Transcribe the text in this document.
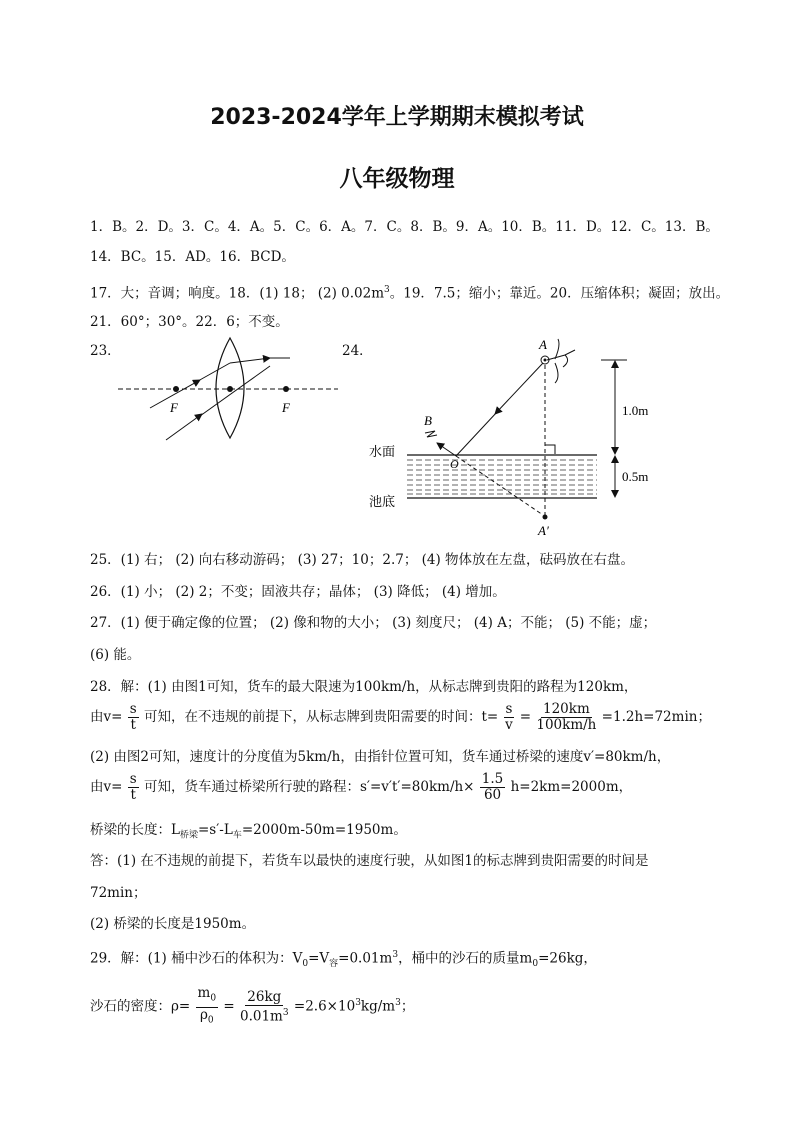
2023-2024学年上学期期末模拟考试
八年级物理
1．B。2．D。3．C。4．A。5．C。6．A。7．C。8．B。9．A。10．B。11．D。12．C。13．B。
14．BC。15．AD。16．BCD。
17．大；音调；响度。18．(1) 18； (2) $0.02m^3$。19．7.5；缩小；靠近。20．压缩体积；凝固；放出。
21．60°；30°。22．6；不变。
23．	24．
F	F
A
B
A′
O
水面
池底
1.0m
0.5m
25．(1) 右； (2) 向右移动游码； (3) 27；10；2.7； (4) 物体放在左盘，砝码放在右盘。
26．(1) 小； (2) 2；不变；固液共存；晶体； (3) 降低； (4) 增加。
27．(1) 便于确定像的位置； (2) 像和物的大小； (3) 刻度尺； (4) A；不能； (5) 不能；虚；
(6) 能。
28．解：(1) 由图1可知，货车的最大限速为100km/h，从标志牌到贵阳的路程为120km，
由$v= \frac{s}{t}$ 可知，在不违规的前提下，从标志牌到贵阳需要的时间：$t= \frac{s}{v} = \frac{120km}{100km/h} =1.2h=72\min$；
(2) 由图2可知，速度计的分度值为5km/h，由指针位置可知，货车通过桥梁的速度v′=80km/h，
由$v= \frac{s}{t}$ 可知，货车通过桥梁所行驶的路程：$s'=v't'=80km/h\times \frac{1.5}{60} h=2km=2000m$，
桥梁的长度：$L_{桥梁}=s'-L_车=2000m-50m=1950m$。
答：(1) 在不违规的前提下，若货车以最快的速度行驶，从如图1的标志牌到贵阳需要的时间是
72min；
(2) 桥梁的长度是1950m。
29．解：(1) 桶中沙石的体积为：$V_0=V_容=0.01m^3$，桶中的沙石的质量$m_0=26kg$，
沙石的密度：$\rho= \frac{m_0}{\rho_0} = \frac{26kg}{0.01m^3} =2.6\times 10^3kg/m^3$；
